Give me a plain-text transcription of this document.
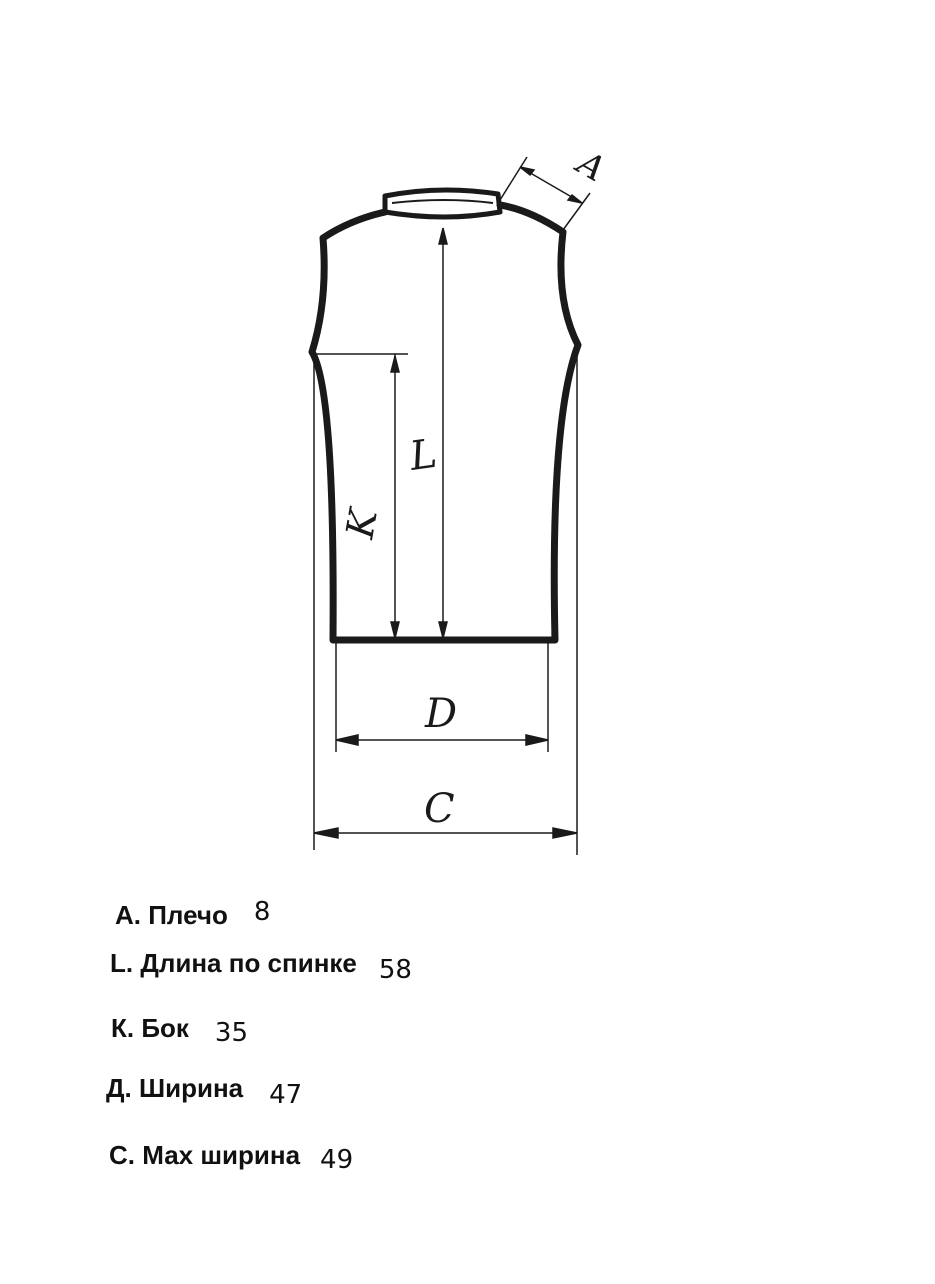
A
L
K
D
C
А. Плечо 8
L. Длина по спинке 58
К. Бок 35
Д. Ширина 47
С. Мах ширина 49
